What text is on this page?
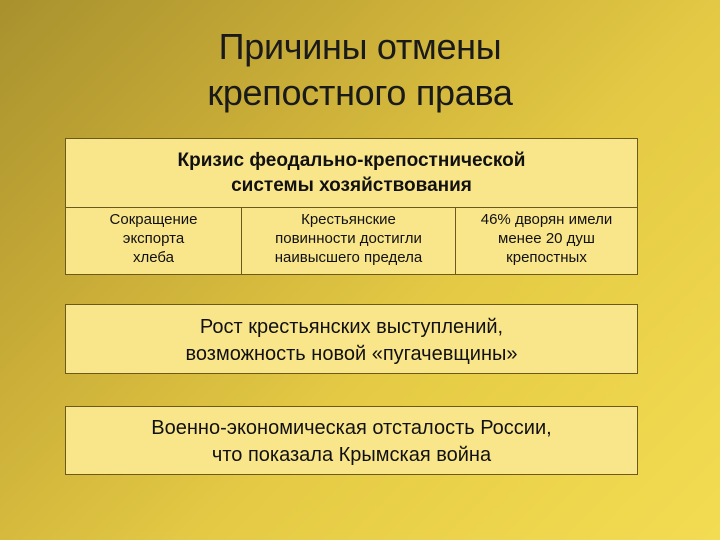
Причины отмены
крепостного права
Кризис феодально-крепостнической
системы хозяйствования
Сокращение
экспорта
хлеба
Крестьянские
повинности достигли
наивысшего предела
46% дворян имели
менее 20 душ
крепостных
Рост крестьянских выступлений,
возможность новой «пугачевщины»
Военно-экономическая отсталость России,
что показала Крымская война
